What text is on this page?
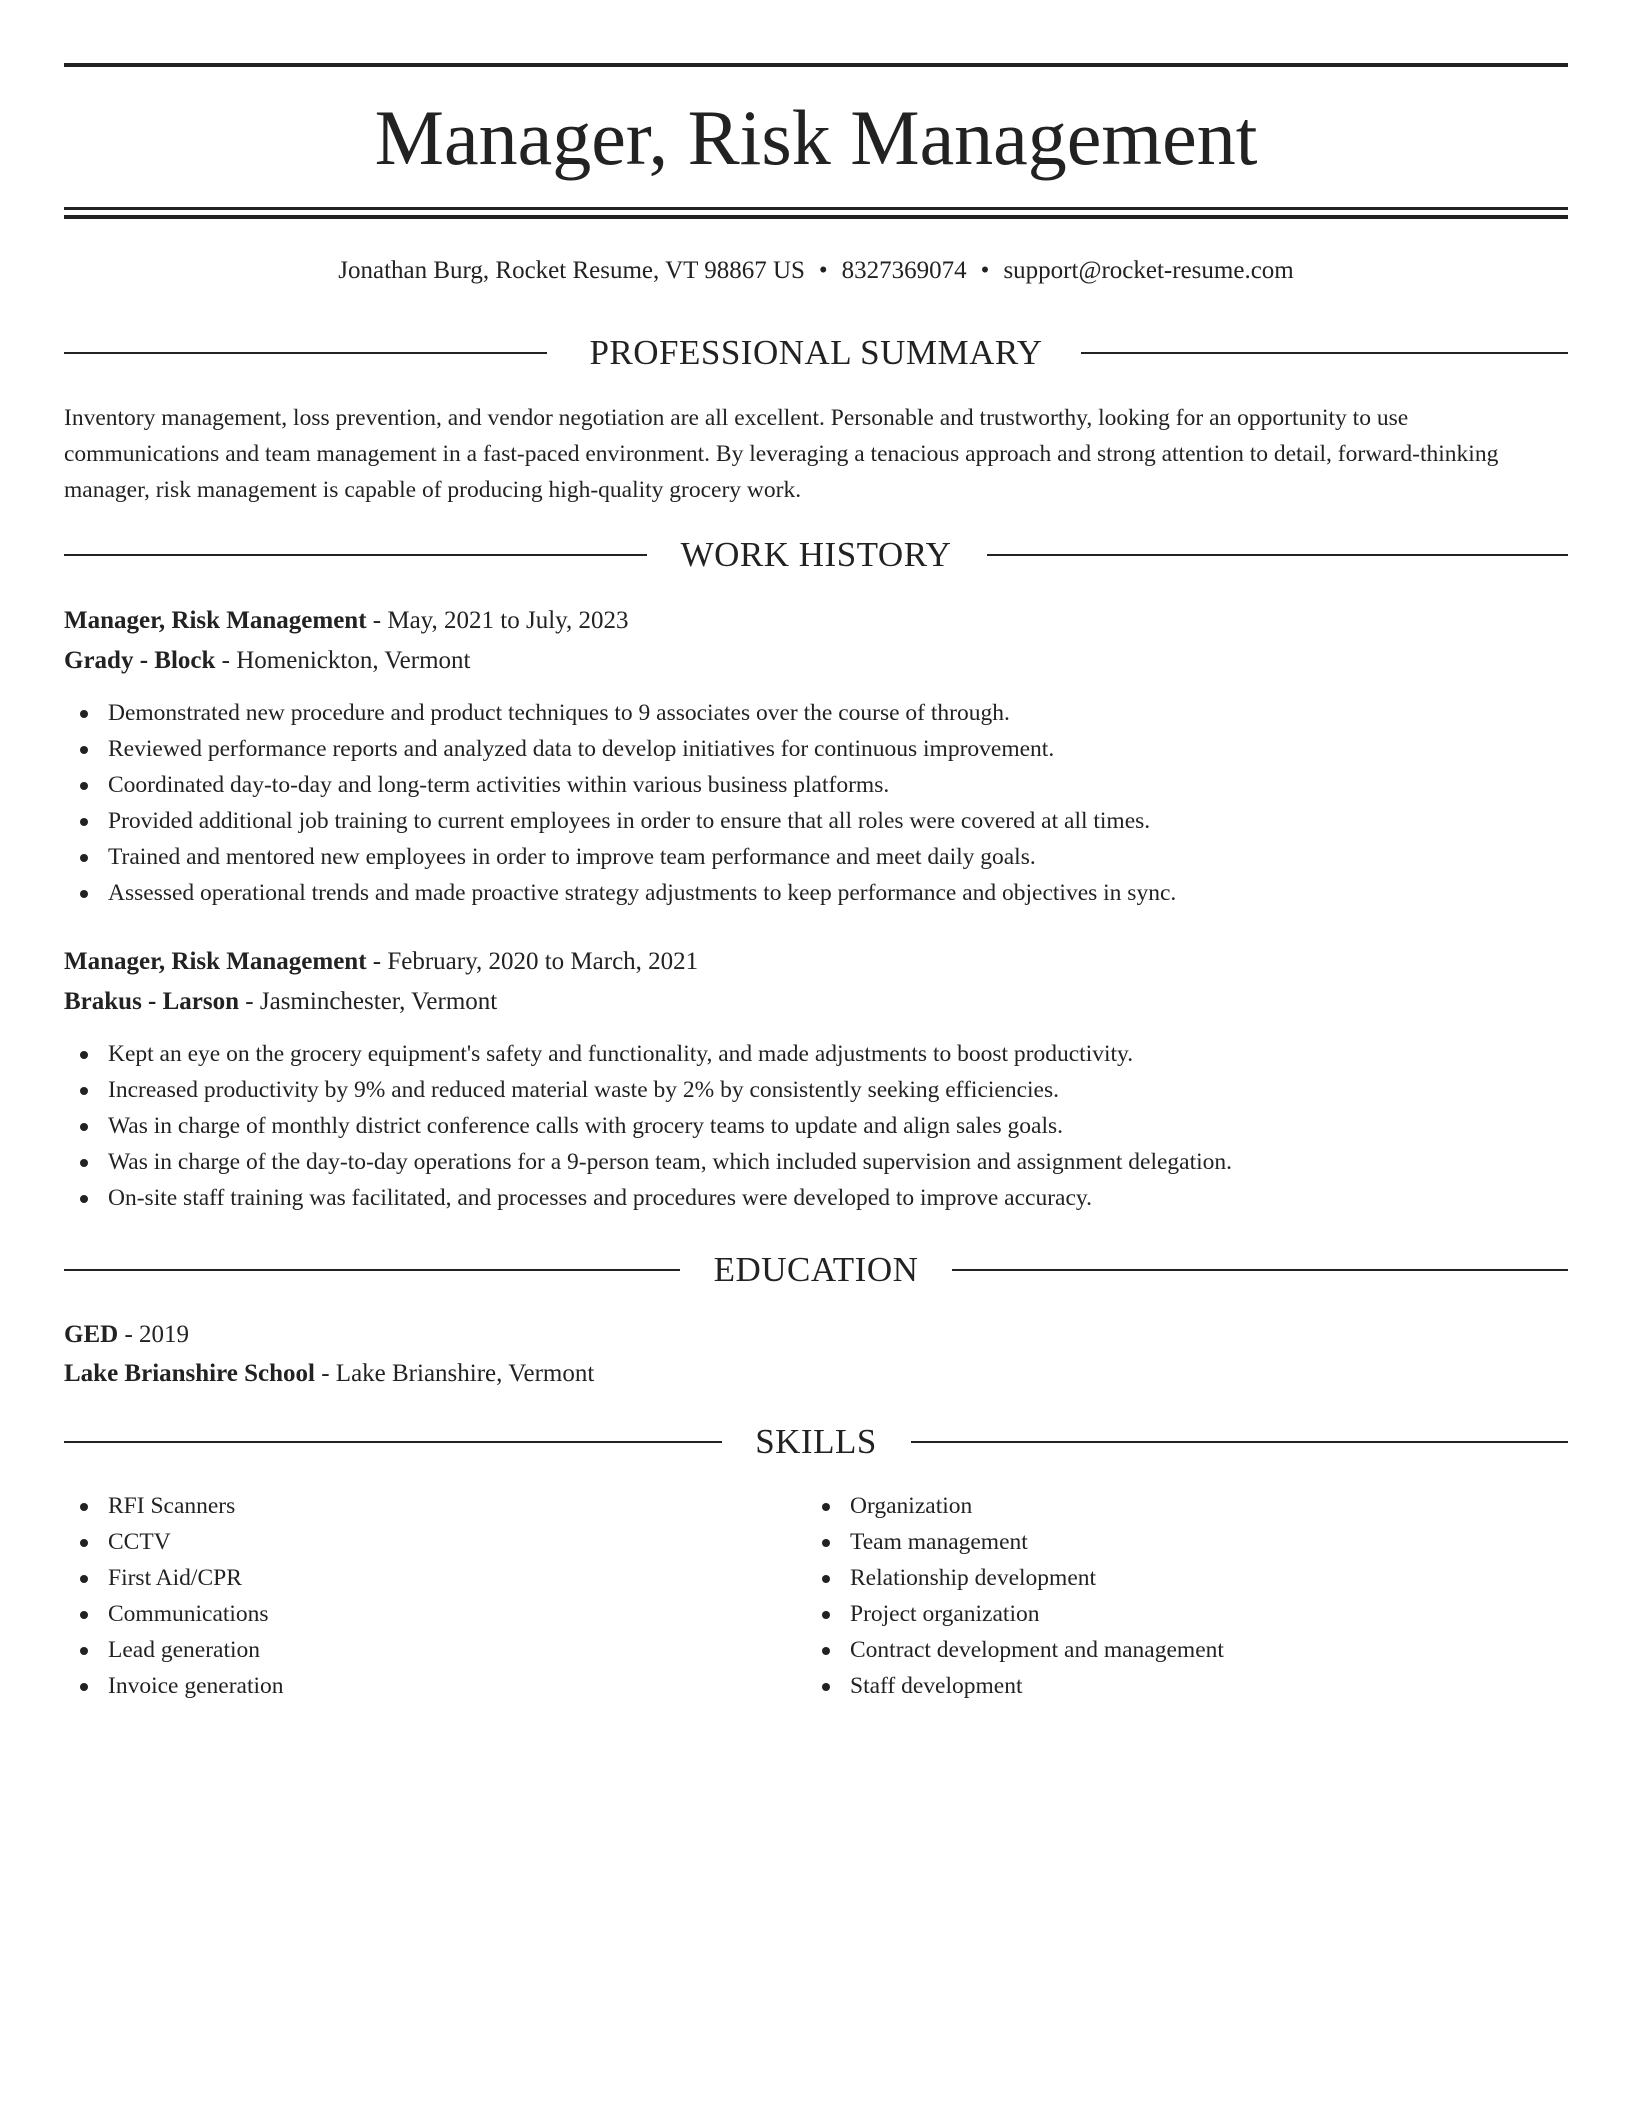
Manager, Risk Management
Jonathan Burg, Rocket Resume, VT 98867 US • 8327369074 • support@rocket-resume.com
PROFESSIONAL SUMMARY

Inventory management, loss prevention, and vendor negotiation are all excellent. Personable and trustworthy, looking for an opportunity to use communications and team management in a fast-paced environment. By leveraging a tenacious approach and strong attention to detail, forward-thinking manager, risk management is capable of producing high-quality grocery work.

WORK HISTORY
Manager, Risk Management - May, 2021 to July, 2023
Grady - Block - Homenickton, Vermont
Demonstrated new procedure and product techniques to 9 associates over the course of through.
Reviewed performance reports and analyzed data to develop initiatives for continuous improvement.
Coordinated day-to-day and long-term activities within various business platforms.
Provided additional job training to current employees in order to ensure that all roles were covered at all times.
Trained and mentored new employees in order to improve team performance and meet daily goals.
Assessed operational trends and made proactive strategy adjustments to keep performance and objectives in sync.
Manager, Risk Management - February, 2020 to March, 2021
Brakus - Larson - Jasminchester, Vermont
Kept an eye on the grocery equipment's safety and functionality, and made adjustments to boost productivity.
Increased productivity by 9% and reduced material waste by 2% by consistently seeking efficiencies.
Was in charge of monthly district conference calls with grocery teams to update and align sales goals.
Was in charge of the day-to-day operations for a 9-person team, which included supervision and assignment delegation.
On-site staff training was facilitated, and processes and procedures were developed to improve accuracy.
EDUCATION
GED - 2019
Lake Brianshire School - Lake Brianshire, Vermont
SKILLS
RFI Scanners
CCTV
First Aid/CPR
Communications
Lead generation
Invoice generation
Organization
Team management
Relationship development
Project organization
Contract development and management
Staff development
